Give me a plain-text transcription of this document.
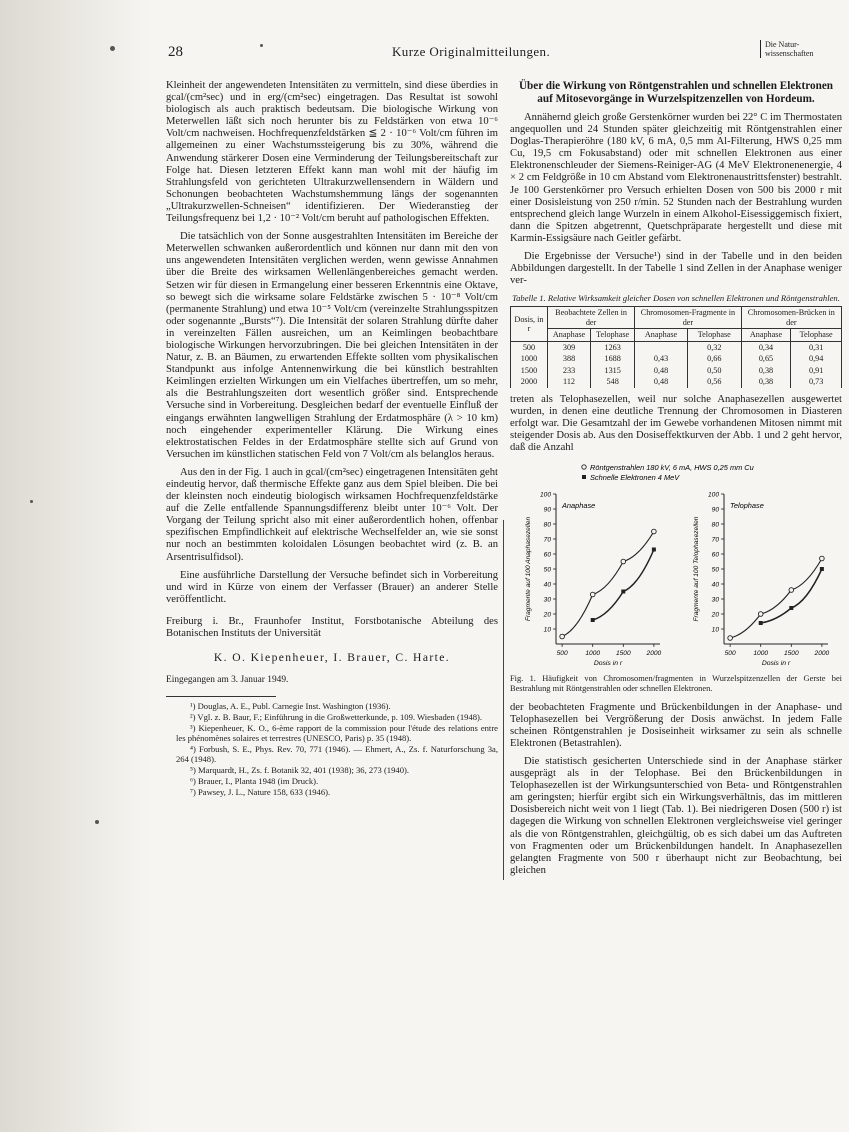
28	Kurze Originalmitteilungen.	Die Natur-
wissenschaften

Kleinheit der angewendeten Intensitäten zu vermitteln, sind diese überdies in gcal/(cm²sec) und in erg/(cm²sec) eingetragen. Das Resultat ist sowohl biologisch als auch praktisch bedeutsam. Die biologische Wirkung von Meterwellen läßt sich noch herunter bis zu Feldstärken von etwa 10⁻⁶ Volt/cm nachweisen. Hochfrequenzfeldstärken ≦ 2 · 10⁻⁶ Volt/cm führen im allgemeinen zu einer Wachstumssteigerung bis zu 30%, während die Anwendung stärkerer Dosen eine Verminderung der Teilungsbereitschaft zur Folge hat. Diesen letzteren Effekt kann man wohl mit der häufig im Strahlungsfeld von gerichteten Ultrakurzwellensendern in Wäldern und Schonungen beobachteten Wachstumshemmung längs der sogenannten „Ultrakurzwellen-Schneisen“ identifizieren. Der Wiederanstieg der Teilungsfrequenz bei 1,2 · 10⁻² Volt/cm beruht auf pathologischen Effekten.

Die tatsächlich von der Sonne ausgestrahlten Intensitäten im Bereiche der Meterwellen schwanken außerordentlich und können nur dann mit den von uns angewendeten Intensitäten verglichen werden, wenn gewisse Annahmen über die Breite des wirksamen Wellenlängenbereiches gemacht werden. Setzen wir für diesen in Ermangelung einer besseren Erkenntnis eine Oktave, so bewegt sich die wirksame solare Feldstärke zwischen 5 · 10⁻⁸ Volt/cm (permanente Strahlung) und etwa 10⁻⁵ Volt/cm (vereinzelte Strahlungsspitzen oder sogenannte „Bursts“⁷). Die Intensität der solaren Strahlung dürfte daher in vereinzelten Fällen ausreichen, um an Keimlingen beobachtbare biologische Wirkungen hervorzubringen. Die bei gleichen Intensitäten in der Natur, z. B. an Bäumen, zu erwartenden Effekte sollten vom physikalischen Standpunkt aus infolge Antennenwirkung die bei künstlich bestrahlten Keimlingen erzielten Wirkungen um ein Vielfaches übertreffen, um so mehr, als die Bestrahlungszeiten dort wesentlich größer sind. Entsprechende Versuche sind in Vorbereitung. Desgleichen bedarf der eventuelle Einfluß der eingangs erwähnten langwelligen Strahlung der Erdatmosphäre (λ > 10 km) noch eingehender experimenteller Klärung. Die Wirkung eines elektrostatischen Feldes in der Erdatmosphäre stellte sich auf Grund von Versuchen im künstlichen statischen Feld von 7 Volt/cm als belanglos heraus.

Aus den in der Fig. 1 auch in gcal/(cm²sec) eingetragenen Intensitäten geht eindeutig hervor, daß thermische Effekte ganz aus dem Spiel bleiben. Die bei der kleinsten noch eindeutig biologisch wirksamen Hochfrequenzfeldstärke auf die Zelle entfallende Spannungsdifferenz bleibt unter 10⁻⁶ Volt. Der Vorgang der Teilung spricht also mit einer außerordentlich hohen, offenbar spezifischen Empfindlichkeit auf elektrische Wechselfelder an, wie sie sonst nur noch an bestimmten koloidalen Lösungen beobachtet wird (z. B. an Arsentrisulfidsol).

Eine ausführliche Darstellung der Versuche befindet sich in Vorbereitung und wird in Kürze von einem der Verfasser (Brauer) an anderer Stelle veröffentlicht.

Freiburg i. Br., Fraunhofer Institut, Forstbotanische Abteilung des Botanischen Instituts der Universität

K. O. Kiepenheuer, I. Brauer, C. Harte.
Eingegangen am 3. Januar 1949.

¹) Douglas, A. E., Publ. Carnegie Inst. Washington (1936).

²) Vgl. z. B. Baur, F.; Einführung in die Großwetterkunde, p. 109. Wiesbaden (1948).

³) Kiepenheuer, K. O., 6-ème rapport de la commission pour l'étude des relations entre les phénomènes solaires et terrestres (UNESCO, Paris) p. 35 (1948).

⁴) Forbush, S. E., Phys. Rev. 70, 771 (1946). — Ehmert, A., Zs. f. Naturforschung 3a, 264 (1948).

⁵) Marquardt, H., Zs. f. Botanik 32, 401 (1938); 36, 273 (1940).

⁶) Brauer, I., Planta 1948 (im Druck).

⁷) Pawsey, J. L., Nature 158, 633 (1946).

Über die Wirkung von Röntgenstrahlen und schnellen Elektronen auf Mitosevorgänge in Wurzelspitzenzellen von Hordeum.

Annähernd gleich große Gerstenkörner wurden bei 22° C im Thermostaten angequollen und 24 Stunden später gleichzeitig mit Röntgenstrahlen einer Doglas-Therapieröhre (180 kV, 6 mA, 0,5 mm Al-Filterung, HWS 0,25 mm Cu, 19,5 cm Fokusabstand) oder mit schnellen Elektronen aus einer Elektronenschleuder der Siemens-Reiniger-AG (4 MeV Elektronenenergie, 4 × 2 cm Feldgröße in 10 cm Abstand vom Elektronenaustrittsfenster) bestrahlt. Je 100 Gerstenkörner pro Versuch erhielten Dosen von 500 bis 2000 r mit einer Dosisleistung von 250 r/min. 52 Stunden nach der Bestrahlung wurden entsprechend gleich lange Wurzeln in einem Alkohol-Eisessiggemisch fixiert, dann die Spitzen abgetrennt, Quetschpräparate hergestellt und diese mit Karmin-Essigsäure nach Geitler gefärbt.

Die Ergebnisse der Versuche¹) sind in der Tabelle und in den beiden Abbildungen dargestellt. In der Tabelle 1 sind Zellen in der Anaphase weniger ver-

Tabelle 1. Relative Wirksamkeit gleicher Dosen von schnellen Elektronen und Röntgenstrahlen.
Dosis, in r	Beobachtete Zellen in der		Chromosomen-Fragmente in der		Chromosomen-Brücken in der	
	Anaphase	Telophase	Anaphase	Telophase	Anaphase	Telophase
500	309	1263		0,32	0,34	0,31
1000	388	1688	0,43	0,66	0,65	0,94
1500	233	1315	0,48	0,50	0,38	0,91
2000	112	548	0,48	0,56	0,38	0,73

treten als Telophasezellen, weil nur solche Anaphasezellen ausgewertet wurden, in denen eine deutliche Trennung der Chromosomen in Diasteren erfolgt war. Die Gesamtzahl der im Gewebe vorhandenen Mitosen nimmt mit steigender Dosis ab. Aus den Dosiseffektkurven der Abb. 1 und 2 geht hervor, daß die Anzahl

Röntgenstrahlen 180 kV, 6 mA, HWS 0,25 mm Cu
Schnelle Elektronen 4 MeV
10
20
30
40
50
60
70
80
90
100
500	1000 1500 2000
Anaphase
Fragmente auf 100 Anaphasezellen
Dosis in r
10
20
30
40
50
60
70
80
90
100
500	1000 1500 2000
Telophase
Fragmente auf 100 Telophasezellen
Dosis in r
Fig. 1. Häufigkeit von Chromosomen/fragmenten in Wurzelspitzenzellen der Gerste bei Bestrahlung mit Röntgenstrahlen oder schnellen Elektronen.

der beobachteten Fragmente und Brückenbildungen in der Anaphase- und Telophasezellen bei Vergrößerung der Dosis anwächst. In jedem Falle scheinen Röntgenstrahlen je Dosiseinheit wirksamer zu sein als schnelle Elektronen (Betastrahlen).

Die statistisch gesicherten Unterschiede sind in der Anaphase stärker ausgeprägt als in der Telophase. Bei den Brückenbildungen in Telophasezellen ist der Wirkungsunterschied von Beta- und Röntgenstrahlen am geringsten; hierfür ergibt sich ein Wirkungsverhältnis, das im mittleren Dosisbereich nicht weit von 1 liegt (Tab. 1). Bei niedrigeren Dosen (500 r) ist dagegen die Wirkung von schnellen Elektronen vergleichsweise viel geringer als die von Röntgenstrahlen, gleichgültig, ob es sich dabei um das Auftreten von Fragmenten oder um Brückenbildungen handelt. In Anaphasezellen gelangten Fragmente von 500 r überhaupt nicht zur Beobachtung, bei gleichen
